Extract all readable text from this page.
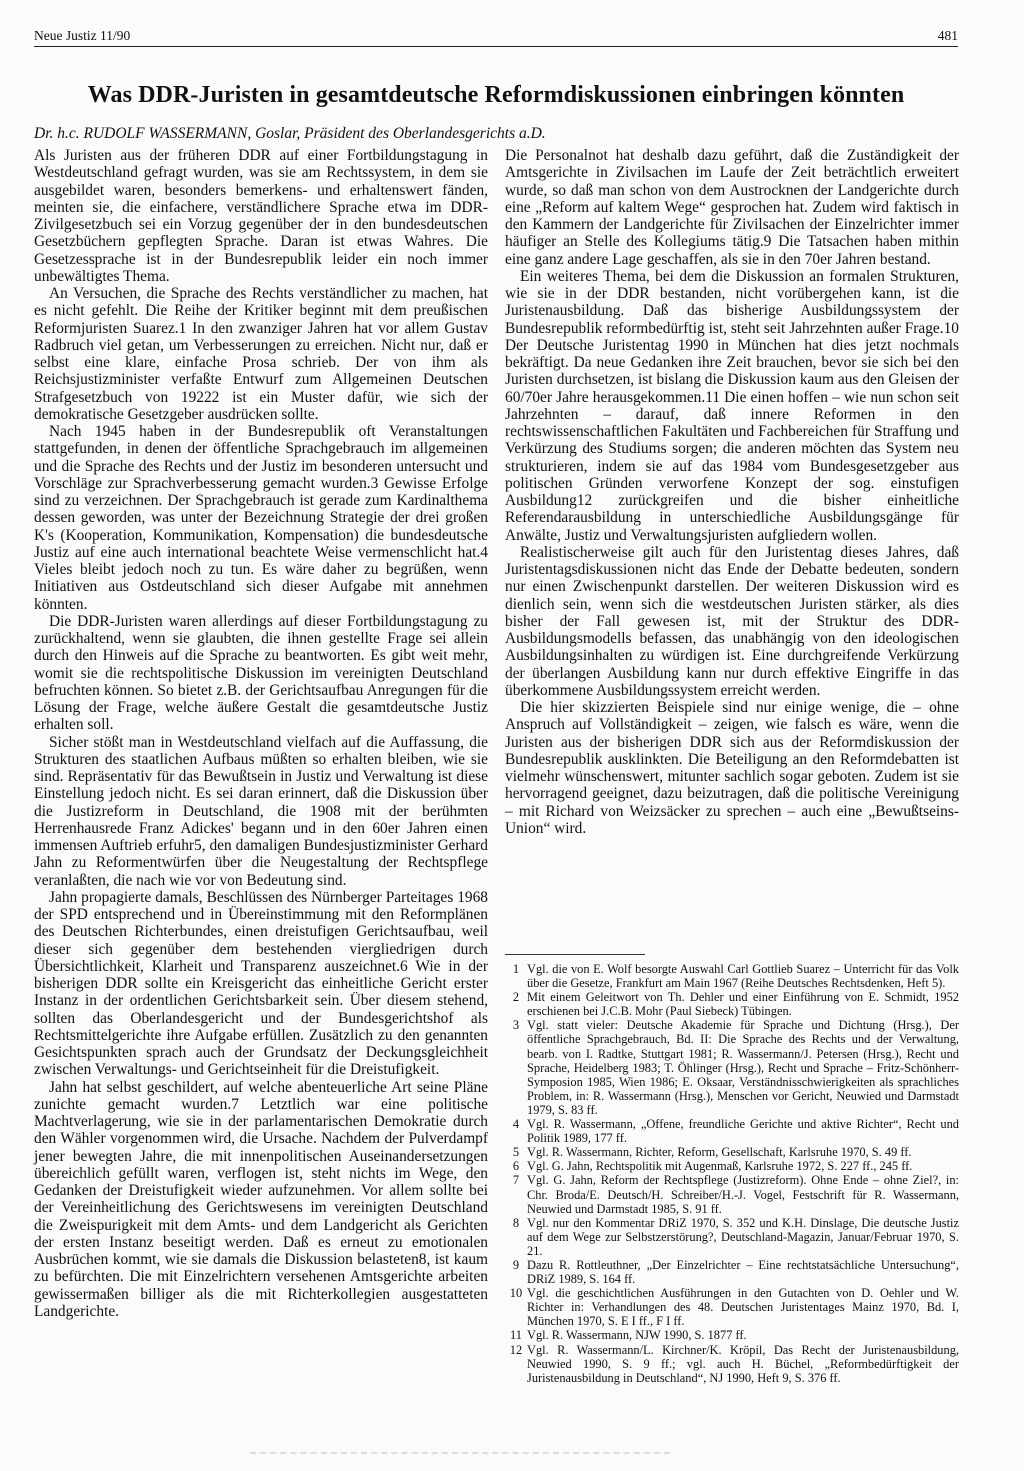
Neue Justiz 11/90	481
Was DDR-Juristen in gesamtdeutsche Reformdiskussionen einbringen könnten
Dr. h.c. RUDOLF WASSERMANN, Goslar, Präsident des Oberlandesgerichts a.D.

Als Juristen aus der früheren DDR auf einer Fortbildungstagung in Westdeutschland gefragt wurden, was sie am Rechtssystem, in dem sie ausgebildet waren, besonders bemerkens- und erhaltenswert fänden, meinten sie, die einfachere, verständlichere Sprache etwa im DDR-Zivilgesetzbuch sei ein Vorzug gegenüber der in den bundesdeutschen Gesetzbüchern gepflegten Sprache. Daran ist etwas Wahres. Die Gesetzessprache ist in der Bundesrepublik leider ein noch immer unbewältigtes Thema.

An Versuchen, die Sprache des Rechts verständlicher zu machen, hat es nicht gefehlt. Die Reihe der Kritiker beginnt mit dem preußischen Reformjuristen Suarez.1 In den zwanziger Jahren hat vor allem Gustav Radbruch viel getan, um Verbesserungen zu erreichen. Nicht nur, daß er selbst eine klare, einfache Prosa schrieb. Der von ihm als Reichsjustizminister verfaßte Entwurf zum Allgemeinen Deutschen Strafgesetzbuch von 19222 ist ein Muster dafür, wie sich der demokratische Gesetzgeber ausdrücken sollte.

Nach 1945 haben in der Bundesrepublik oft Veranstaltungen stattgefunden, in denen der öffentliche Sprachgebrauch im allgemeinen und die Sprache des Rechts und der Justiz im besonderen untersucht und Vorschläge zur Sprachverbesserung gemacht wurden.3 Gewisse Erfolge sind zu verzeichnen. Der Sprachgebrauch ist gerade zum Kardinalthema dessen geworden, was unter der Bezeichnung Strategie der drei großen K's (Kooperation, Kommunikation, Kompensation) die bundesdeutsche Justiz auf eine auch international beachtete Weise vermenschlicht hat.4 Vieles bleibt jedoch noch zu tun. Es wäre daher zu begrüßen, wenn Initiativen aus Ostdeutschland sich dieser Aufgabe mit annehmen könnten.

Die DDR-Juristen waren allerdings auf dieser Fortbildungstagung zu zurückhaltend, wenn sie glaubten, die ihnen gestellte Frage sei allein durch den Hinweis auf die Sprache zu beantworten. Es gibt weit mehr, womit sie die rechtspolitische Diskussion im vereinigten Deutschland befruchten können. So bietet z.B. der Gerichtsaufbau Anregungen für die Lösung der Frage, welche äußere Gestalt die gesamtdeutsche Justiz erhalten soll.

Sicher stößt man in Westdeutschland vielfach auf die Auffassung, die Strukturen des staatlichen Aufbaus müßten so erhalten bleiben, wie sie sind. Repräsentativ für das Bewußtsein in Justiz und Verwaltung ist diese Einstellung jedoch nicht. Es sei daran erinnert, daß die Diskussion über die Justizreform in Deutschland, die 1908 mit der berühmten Herrenhausrede Franz Adickes' begann und in den 60er Jahren einen immensen Auftrieb erfuhr5, den damaligen Bundesjustizminister Gerhard Jahn zu Reformentwürfen über die Neugestaltung der Rechtspflege veranlaßten, die nach wie vor von Bedeutung sind.

Jahn propagierte damals, Beschlüssen des Nürnberger Parteitages 1968 der SPD entsprechend und in Übereinstimmung mit den Reformplänen des Deutschen Richterbundes, einen dreistufigen Gerichtsaufbau, weil dieser sich gegenüber dem bestehenden viergliedrigen durch Übersichtlichkeit, Klarheit und Transparenz auszeichnet.6 Wie in der bisherigen DDR sollte ein Kreisgericht das einheitliche Gericht erster Instanz in der ordentlichen Gerichtsbarkeit sein. Über diesem stehend, sollten das Oberlandesgericht und der Bundesgerichtshof als Rechtsmittelgerichte ihre Aufgabe erfüllen. Zusätzlich zu den genannten Gesichtspunkten sprach auch der Grundsatz der Deckungsgleichheit zwischen Verwaltungs- und Gerichtseinheit für die Dreistufigkeit.

Jahn hat selbst geschildert, auf welche abenteuerliche Art seine Pläne zunichte gemacht wurden.7 Letztlich war eine politische Machtverlagerung, wie sie in der parlamentarischen Demokratie durch den Wähler vorgenommen wird, die Ursache. Nachdem der Pulverdampf jener bewegten Jahre, die mit innenpolitischen Auseinandersetzungen übereichlich gefüllt waren, verflogen ist, steht nichts im Wege, den Gedanken der Dreistufigkeit wieder aufzunehmen. Vor allem sollte bei der Vereinheitlichung des Gerichtswesens im vereinigten Deutschland die Zweispurigkeit mit dem Amts- und dem Landgericht als Gerichten der ersten Instanz beseitigt werden. Daß es erneut zu emotionalen Ausbrüchen kommt, wie sie damals die Diskussion belasteten8, ist kaum zu befürchten. Die mit Einzelrichtern versehenen Amtsgerichte arbeiten gewissermaßen billiger als die mit Richterkollegien ausgestatteten Landgerichte.

Die Personalnot hat deshalb dazu geführt, daß die Zuständigkeit der Amtsgerichte in Zivilsachen im Laufe der Zeit beträchtlich erweitert wurde, so daß man schon von dem Austrocknen der Landgerichte durch eine „Reform auf kaltem Wege“ gesprochen hat. Zudem wird faktisch in den Kammern der Landgerichte für Zivilsachen der Einzelrichter immer häufiger an Stelle des Kollegiums tätig.9 Die Tatsachen haben mithin eine ganz andere Lage geschaffen, als sie in den 70er Jahren bestand.

Ein weiteres Thema, bei dem die Diskussion an formalen Strukturen, wie sie in der DDR bestanden, nicht vorübergehen kann, ist die Juristenausbildung. Daß das bisherige Ausbildungssystem der Bundesrepublik reformbedürftig ist, steht seit Jahrzehnten außer Frage.10 Der Deutsche Juristentag 1990 in München hat dies jetzt nochmals bekräftigt. Da neue Gedanken ihre Zeit brauchen, bevor sie sich bei den Juristen durchsetzen, ist bislang die Diskussion kaum aus den Gleisen der 60/70er Jahre herausgekommen.11 Die einen hoffen – wie nun schon seit Jahrzehnten – darauf, daß innere Reformen in den rechtswissenschaftlichen Fakultäten und Fachbereichen für Straffung und Verkürzung des Studiums sorgen; die anderen möchten das System neu strukturieren, indem sie auf das 1984 vom Bundesgesetzgeber aus politischen Gründen verworfene Konzept der sog. einstufigen Ausbildung12 zurückgreifen und die bisher einheitliche Referendarausbildung in unterschiedliche Ausbildungsgänge für Anwälte, Justiz und Verwaltungsjuristen aufgliedern wollen.

Realistischerweise gilt auch für den Juristentag dieses Jahres, daß Juristentagsdiskussionen nicht das Ende der Debatte bedeuten, sondern nur einen Zwischenpunkt darstellen. Der weiteren Diskussion wird es dienlich sein, wenn sich die westdeutschen Juristen stärker, als dies bisher der Fall gewesen ist, mit der Struktur des DDR-Ausbildungsmodells befassen, das unabhängig von den ideologischen Ausbildungsinhalten zu würdigen ist. Eine durchgreifende Verkürzung der überlangen Ausbildung kann nur durch effektive Eingriffe in das überkommene Ausbildungssystem erreicht werden.

Die hier skizzierten Beispiele sind nur einige wenige, die – ohne Anspruch auf Vollständigkeit – zeigen, wie falsch es wäre, wenn die Juristen aus der bisherigen DDR sich aus der Reformdiskussion der Bundesrepublik ausklinkten. Die Beteiligung an den Reformdebatten ist vielmehr wünschenswert, mitunter sachlich sogar geboten. Zudem ist sie hervorragend geeignet, dazu beizutragen, daß die politische Vereinigung – mit Richard von Weizsäcker zu sprechen – auch eine „Bewußtseins-Union“ wird.

1 Vgl. die von E. Wolf besorgte Auswahl Carl Gottlieb Suarez – Unterricht für das Volk über die Gesetze, Frankfurt am Main 1967 (Reihe Deutsches Rechtsdenken, Heft 5).
2 Mit einem Geleitwort von Th. Dehler und einer Einführung von E. Schmidt, 1952 erschienen bei J.C.B. Mohr (Paul Siebeck) Tübingen.
3 Vgl. statt vieler: Deutsche Akademie für Sprache und Dichtung (Hrsg.), Der öffentliche Sprachgebrauch, Bd. II: Die Sprache des Rechts und der Verwaltung, bearb. von I. Radtke, Stuttgart 1981; R. Wassermann/J. Petersen (Hrsg.), Recht und Sprache, Heidelberg 1983; T. Öhlinger (Hrsg.), Recht und Sprache – Fritz-Schönherr-Symposion 1985, Wien 1986; E. Oksaar, Verständnisschwierigkeiten als sprachliches Problem, in: R. Wassermann (Hrsg.), Menschen vor Gericht, Neuwied und Darmstadt 1979, S. 83 ff.
4 Vgl. R. Wassermann, „Offene, freundliche Gerichte und aktive Richter“, Recht und Politik 1989, 177 ff.
5 Vgl. R. Wassermann, Richter, Reform, Gesellschaft, Karlsruhe 1970, S. 49 ff.
6 Vgl. G. Jahn, Rechtspolitik mit Augenmaß, Karlsruhe 1972, S. 227 ff., 245 ff.
7 Vgl. G. Jahn, Reform der Rechtspflege (Justizreform). Ohne Ende – ohne Ziel?, in: Chr. Broda/E. Deutsch/H. Schreiber/H.-J. Vogel, Festschrift für R. Wassermann, Neuwied und Darmstadt 1985, S. 91 ff.
8 Vgl. nur den Kommentar DRiZ 1970, S. 352 und K.H. Dinslage, Die deutsche Justiz auf dem Wege zur Selbstzerstörung?, Deutschland-Magazin, Januar/Februar 1970, S. 21.
9 Dazu R. Rottleuthner, „Der Einzelrichter – Eine rechtstatsächliche Untersuchung“, DRiZ 1989, S. 164 ff.
10 Vgl. die geschichtlichen Ausführungen in den Gutachten von D. Oehler und W. Richter in: Verhandlungen des 48. Deutschen Juristentages Mainz 1970, Bd. I, München 1970, S. E I ff., F I ff.
11 Vgl. R. Wassermann, NJW 1990, S. 1877 ff.
12 Vgl. R. Wassermann/L. Kirchner/K. Kröpil, Das Recht der Juristenausbildung, Neuwied 1990, S. 9 ff.; vgl. auch H. Büchel, „Reformbedürftigkeit der Juristenausbildung in Deutschland“, NJ 1990, Heft 9, S. 376 ff.
